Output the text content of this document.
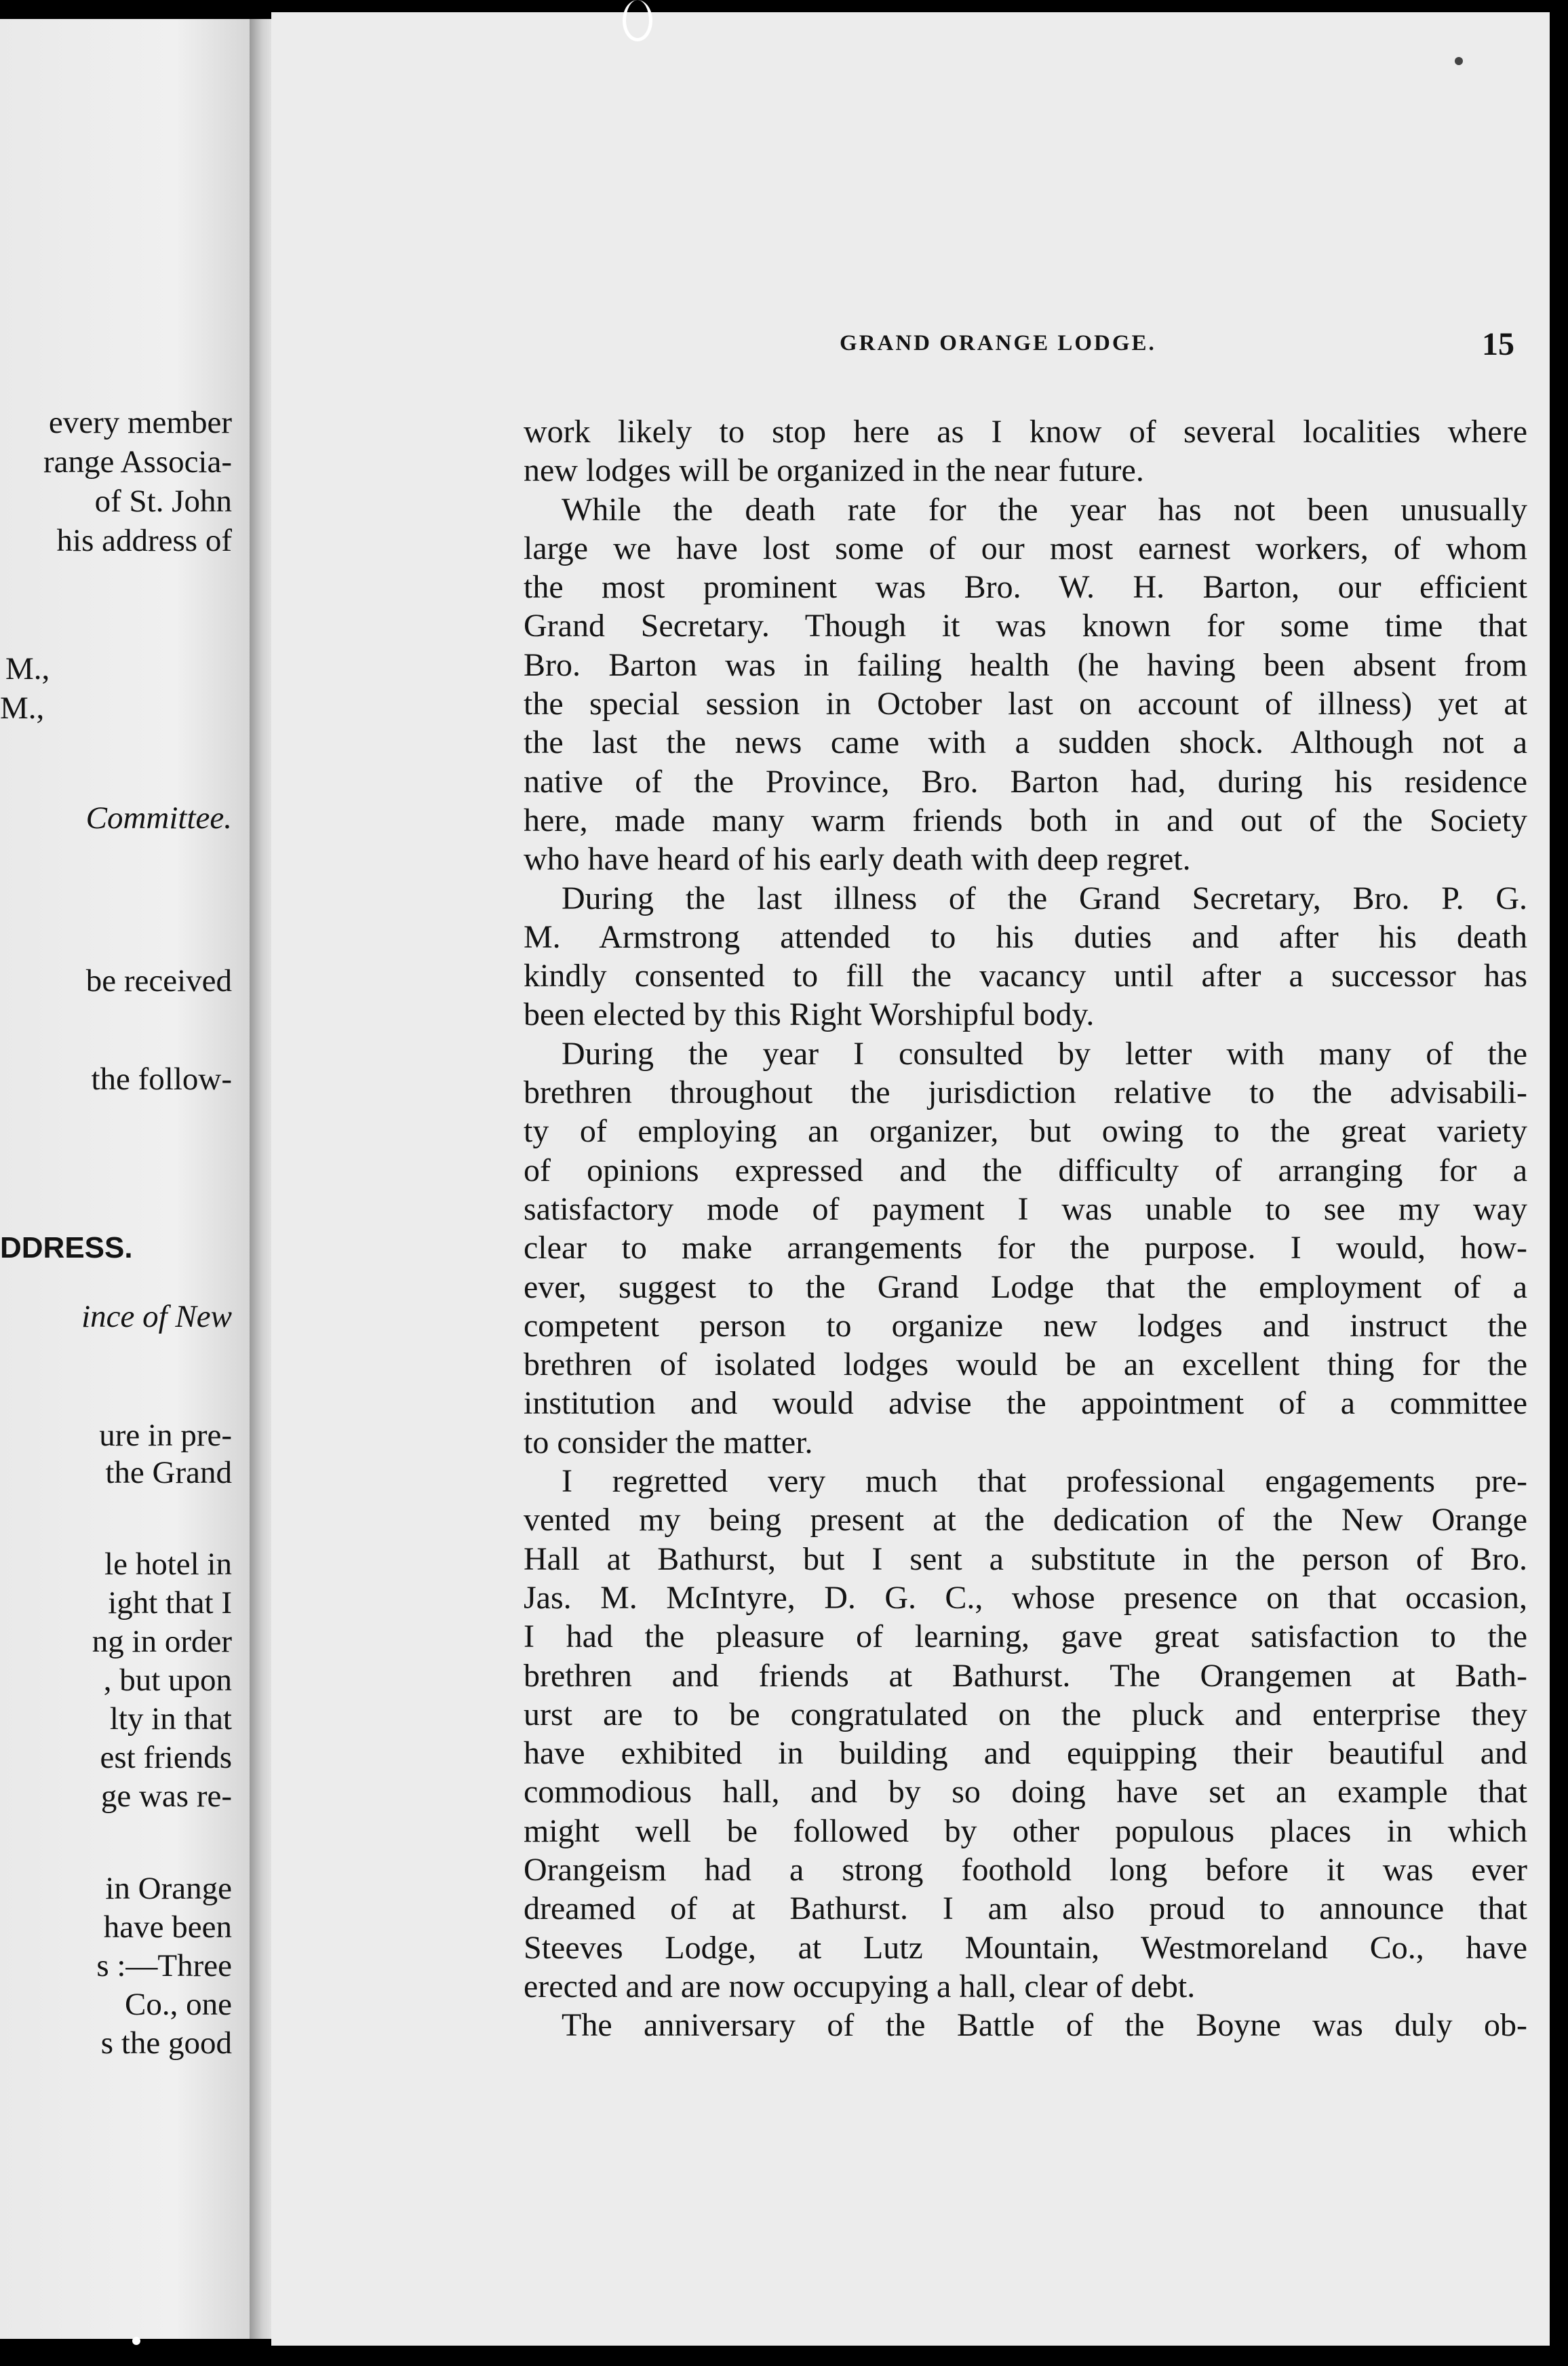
every member
range Associa-
of St. John
his address of
M.,
M.,
Committee.
be received
the follow-
DDRESS.
ince of New
ure in pre-
the Grand
le hotel in
ight that I
ng in order
, but upon
lty in that
est friends
ge was re-
in Orange
have been
s :—Three
Co., one
s the good
GRAND ORANGE LODGE.	15
work likely to stop here as I know of several localities where
new lodges will be organized in the near future.
While the death rate for the year has not been unusually
large we have lost some of our most earnest workers, of whom
the most prominent was Bro. W. H. Barton, our efficient
Grand Secretary. Though it was known for some time that
Bro. Barton was in failing health (he having been absent from
the special session in October last on account of illness) yet at
the last the news came with a sudden shock. Although not a
native of the Province, Bro. Barton had, during his residence
here, made many warm friends both in and out of the Society
who have heard of his early death with deep regret.
During the last illness of the Grand Secretary, Bro. P. G.
M. Armstrong attended to his duties and after his death
kindly consented to fill the vacancy until after a successor has
been elected by this Right Worshipful body.
During the year I consulted by letter with many of the
brethren throughout the jurisdiction relative to the advisabili-
ty of employing an organizer, but owing to the great variety
of opinions expressed and the difficulty of arranging for a
satisfactory mode of payment I was unable to see my way
clear to make arrangements for the purpose. I would, how-
ever, suggest to the Grand Lodge that the employment of a
competent person to organize new lodges and instruct the
brethren of isolated lodges would be an excellent thing for the
institution and would advise the appointment of a committee
to consider the matter.
I regretted very much that professional engagements pre-
vented my being present at the dedication of the New Orange
Hall at Bathurst, but I sent a substitute in the person of Bro.
Jas. M. McIntyre, D. G. C., whose presence on that occasion,
I had the pleasure of learning, gave great satisfaction to the
brethren and friends at Bathurst. The Orangemen at Bath-
urst are to be congratulated on the pluck and enterprise they
have exhibited in building and equipping their beautiful and
commodious hall, and by so doing have set an example that
might well be followed by other populous places in which
Orangeism had a strong foothold long before it was ever
dreamed of at Bathurst. I am also proud to announce that
Steeves Lodge, at Lutz Mountain, Westmoreland Co., have
erected and are now occupying a hall, clear of debt.
The anniversary of the Battle of the Boyne was duly ob-
